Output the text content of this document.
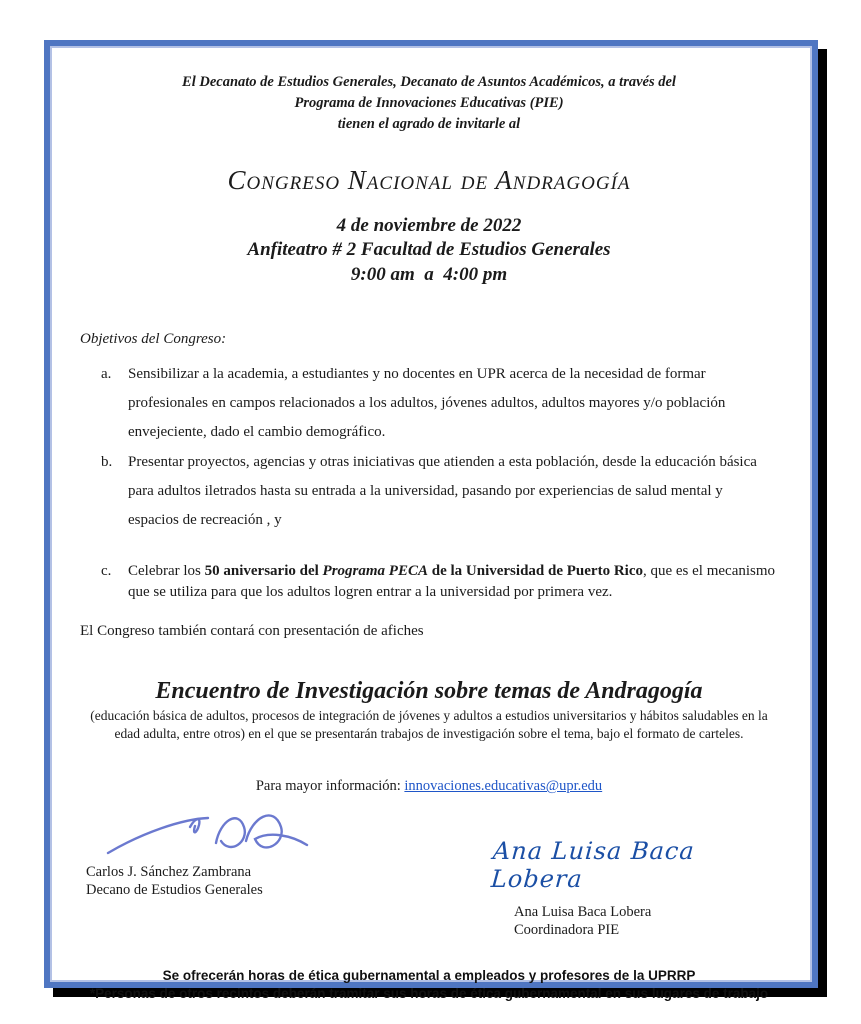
El Decanato de Estudios Generales, Decanato de Asuntos Académicos, a través del
Programa de Innovaciones Educativas (PIE)
tienen el agrado de invitarle al
Congreso Nacional de Andragogía
4 de noviembre de 2022
Anfiteatro # 2 Facultad de Estudios Generales
9:00 am  a  4:00 pm
Objetivos del Congreso:
a.	Sensibilizar a la academia, a estudiantes y no docentes en UPR acerca de la necesidad de formar profesionales en campos relacionados a los adultos, jóvenes adultos, adultos mayores y/o población envejeciente, dado el cambio demográfico.
b.	Presentar proyectos, agencias y otras iniciativas que atienden a esta población, desde la educación básica para adultos iletrados hasta su entrada a la universidad, pasando por experiencias de salud mental y espacios de recreación , y
c.	Celebrar los 50 aniversario del Programa PECA de la Universidad de Puerto Rico, que es el mecanismo que se utiliza para que los adultos logren entrar a la universidad por primera vez.
El Congreso también contará con presentación de afiches
Encuentro de Investigación sobre temas de Andragogía
(educación básica de adultos, procesos de integración de jóvenes y adultos a estudios universitarios y hábitos saludables en la edad adulta, entre otros) en el que se presentarán trabajos de investigación sobre el tema, bajo el formato de carteles.
Para mayor información: innovaciones.educativas@upr.edu
Carlos J. Sánchez Zambrana
Decano de Estudios Generales
Ana Luisa Baca Lobera
Ana Luisa Baca Lobera
Coordinadora PIE
Se ofrecerán horas de ética gubernamental a empleados y profesores de la UPRRP
*Personas de otros recintos deberán tramitar sus horas de ética gubernamental en sus lugares de trabajo
